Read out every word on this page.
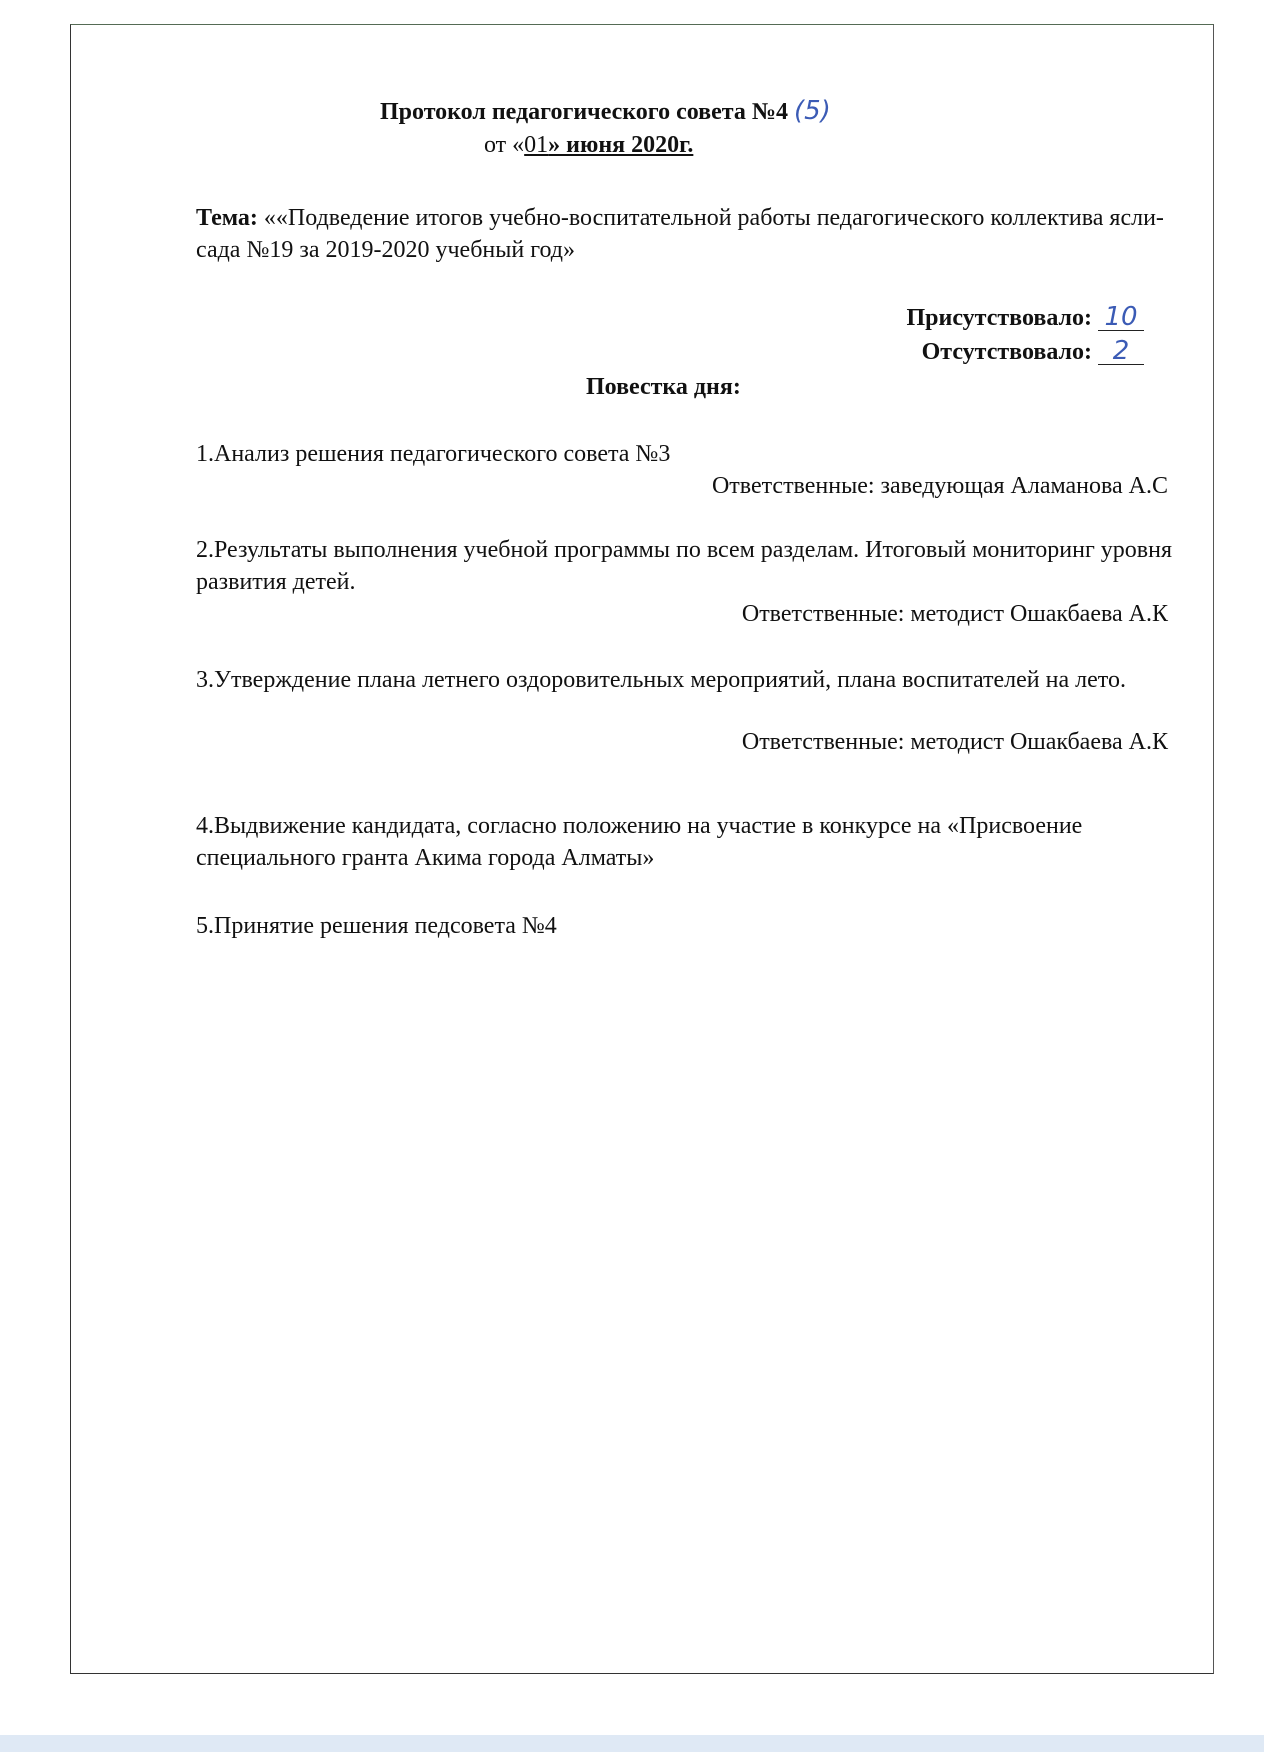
Протокол педагогического совета №4 (5)
от «01» июня 2020г.
Тема: ««Подведение итогов учебно-воспитательной работы педагогического коллектива ясли-сада №19 за 2019-2020 учебный год»
Присутствовало: 10
Отсутствовало: 2
Повестка дня:
1.Анализ решения педагогического совета №3
Ответственные: заведующая Аламанова А.С
2.Результаты выполнения учебной программы по всем разделам. Итоговый мониторинг уровня развития детей.
Ответственные: методист Ошакбаева А.К
3.Утверждение плана летнего оздоровительных мероприятий, плана воспитателей на лето.
Ответственные: методист Ошакбаева А.К
4.Выдвижение кандидата, согласно положению на участие в конкурсе на «Присвоение специального гранта Акима города Алматы»
5.Принятие решения педсовета №4
